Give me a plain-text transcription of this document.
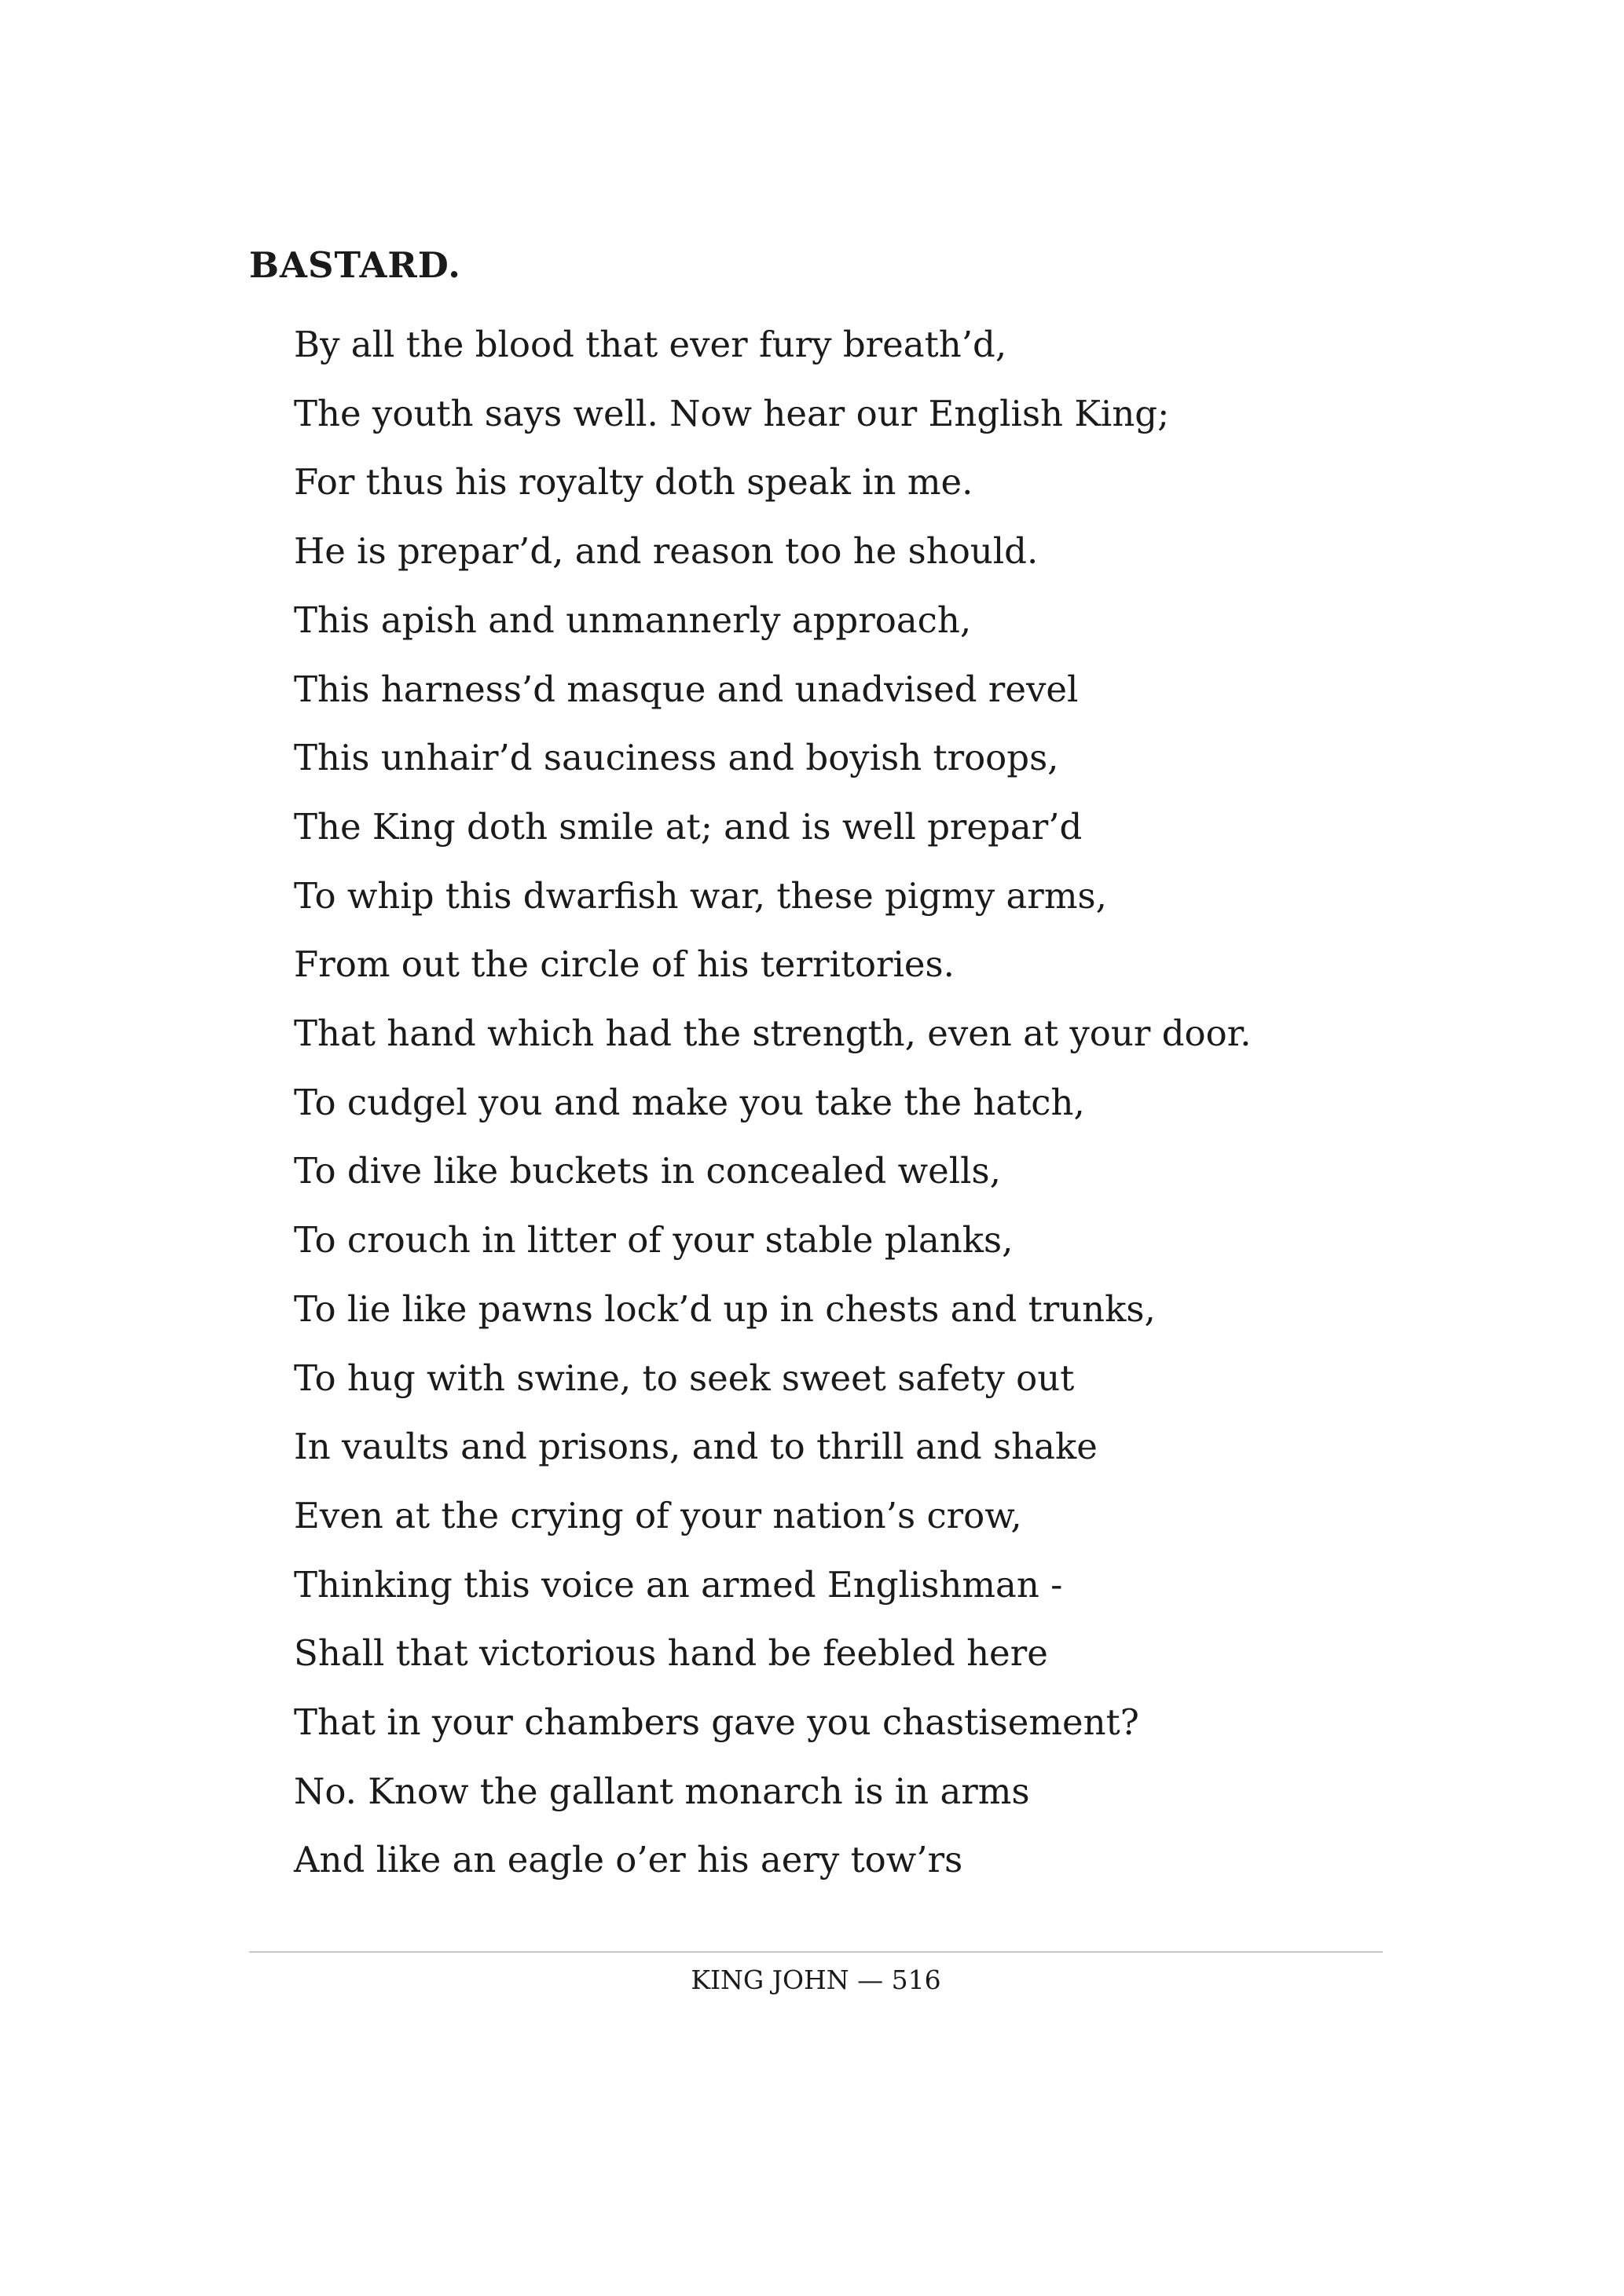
BASTARD.
By all the blood that ever fury breath’d,
The youth says well. Now hear our English King;
For thus his royalty doth speak in me.
He is prepar’d, and reason too he should.
This apish and unmannerly approach,
This harness’d masque and unadvised revel
This unhair’d sauciness and boyish troops,
The King doth smile at; and is well prepar’d
To whip this dwarfish war, these pigmy arms,
From out the circle of his territories.
That hand which had the strength, even at your door.
To cudgel you and make you take the hatch,
To dive like buckets in concealed wells,
To crouch in litter of your stable planks,
To lie like pawns lock’d up in chests and trunks,
To hug with swine, to seek sweet safety out
In vaults and prisons, and to thrill and shake
Even at the crying of your nation’s crow,
Thinking this voice an armed Englishman -
Shall that victorious hand be feebled here
That in your chambers gave you chastisement?
No. Know the gallant monarch is in arms
And like an eagle o’er his aery tow’rs
KING JOHN — 516
